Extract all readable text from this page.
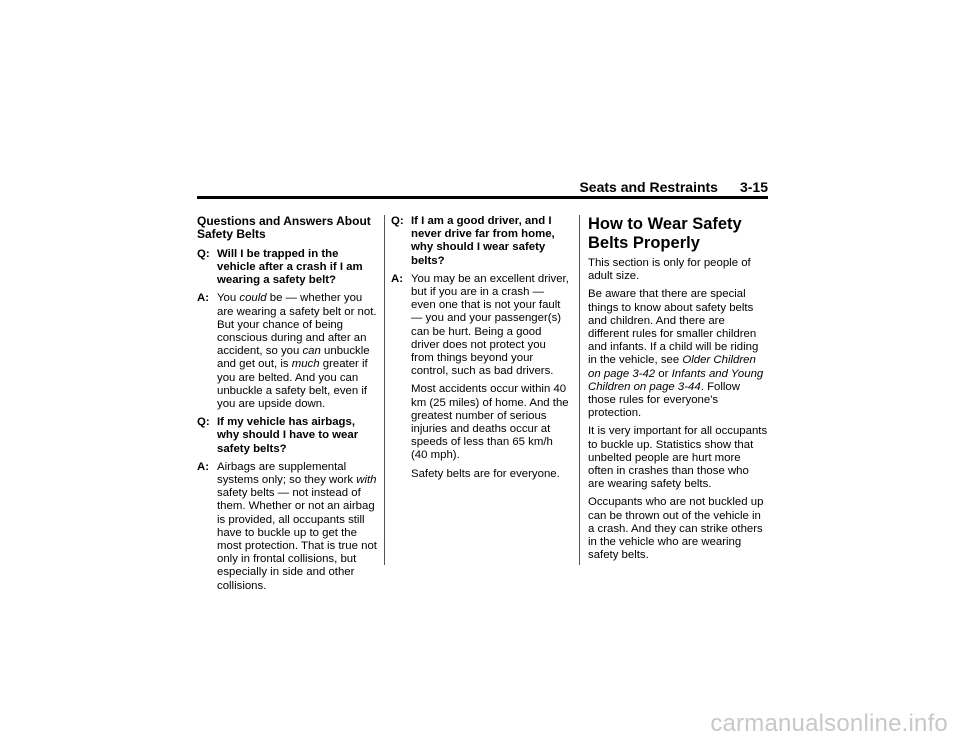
Seats and Restraints 3-15
Questions and Answers About Safety Belts
Q: Will I be trapped in the vehicle after a crash if I am wearing a safety belt?
A: You could be — whether you are wearing a safety belt or not. But your chance of being conscious during and after an accident, so you can unbuckle and get out, is much greater if you are belted. And you can unbuckle a safety belt, even if you are upside down.
Q: If my vehicle has airbags, why should I have to wear safety belts?
A: Airbags are supplemental systems only; so they work with safety belts — not instead of them. Whether or not an airbag is provided, all occupants still have to buckle up to get the most protection. That is true not only in frontal collisions, but especially in side and other collisions.
Q: If I am a good driver, and I never drive far from home, why should I wear safety belts?
A: You may be an excellent driver, but if you are in a crash — even one that is not your fault — you and your passenger(s) can be hurt. Being a good driver does not protect you from things beyond your control, such as bad drivers.

Most accidents occur within 40 km (25 miles) of home. And the greatest number of serious injuries and deaths occur at speeds of less than 65 km/h (40 mph).

Safety belts are for everyone.

How to Wear Safety Belts Properly

This section is only for people of adult size.

Be aware that there are special things to know about safety belts and children. And there are different rules for smaller children and infants. If a child will be riding in the vehicle, see Older Children on page 3-42 or Infants and Young Children on page 3-44. Follow those rules for everyone's protection.

It is very important for all occupants to buckle up. Statistics show that unbelted people are hurt more often in crashes than those who are wearing safety belts.

Occupants who are not buckled up can be thrown out of the vehicle in a crash. And they can strike others in the vehicle who are wearing safety belts.

carmanualsonline.info
